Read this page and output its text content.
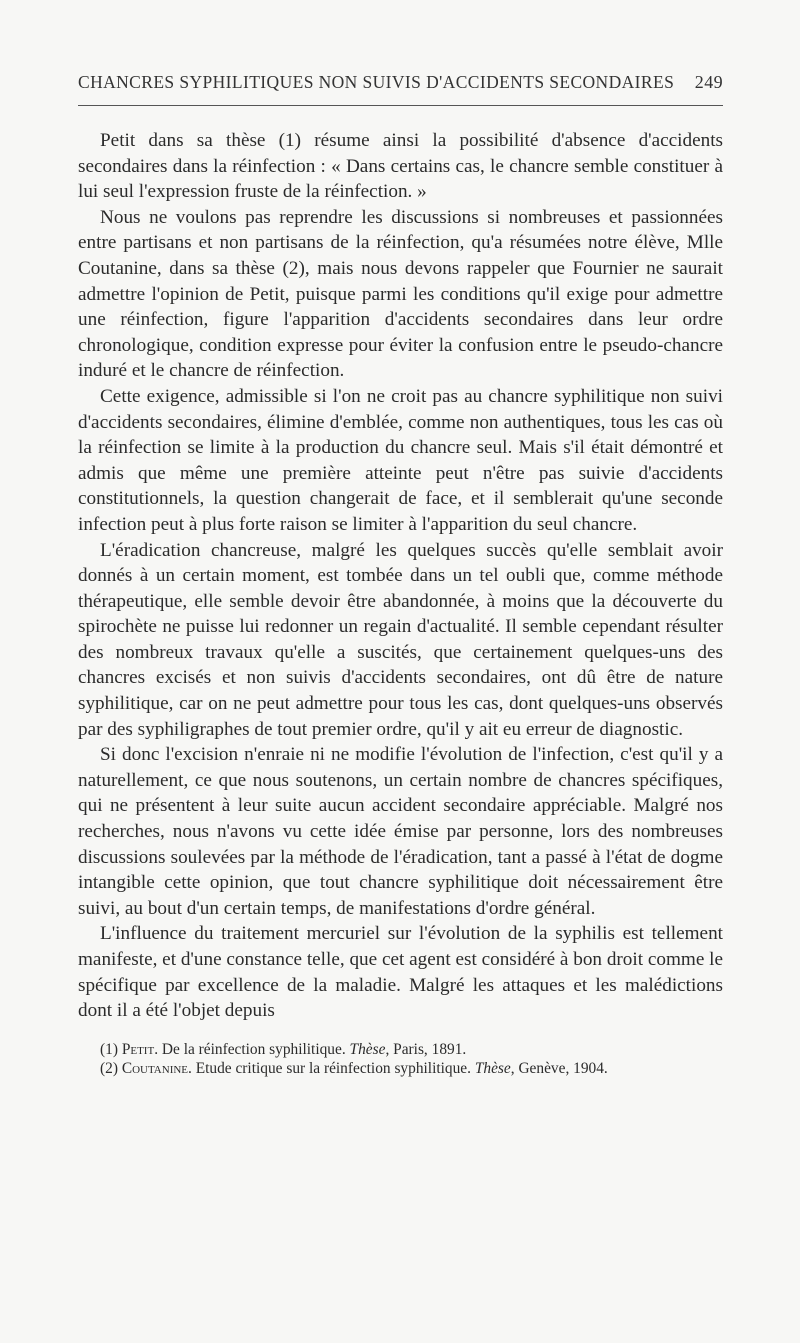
CHANCRES SYPHILITIQUES NON SUIVIS D'ACCIDENTS SECONDAIRES 249

Petit dans sa thèse (1) résume ainsi la possibilité d'absence d'accidents secondaires dans la réinfection : « Dans certains cas, le chancre semble constituer à lui seul l'expression fruste de la réinfection. »

Nous ne voulons pas reprendre les discussions si nombreuses et passionnées entre partisans et non partisans de la réinfection, qu'a résumées notre élève, Mlle Coutanine, dans sa thèse (2), mais nous devons rappeler que Fournier ne saurait admettre l'opinion de Petit, puisque parmi les conditions qu'il exige pour admettre une réinfection, figure l'apparition d'accidents secondaires dans leur ordre chronologique, condition expresse pour éviter la confusion entre le pseudo-chancre induré et le chancre de réinfection.

Cette exigence, admissible si l'on ne croit pas au chancre syphilitique non suivi d'accidents secondaires, élimine d'emblée, comme non authentiques, tous les cas où la réinfection se limite à la production du chancre seul. Mais s'il était démontré et admis que même une première atteinte peut n'être pas suivie d'accidents constitutionnels, la question changerait de face, et il semblerait qu'une seconde infection peut à plus forte raison se limiter à l'apparition du seul chancre.

L'éradication chancreuse, malgré les quelques succès qu'elle semblait avoir donnés à un certain moment, est tombée dans un tel oubli que, comme méthode thérapeutique, elle semble devoir être abandonnée, à moins que la découverte du spirochète ne puisse lui redonner un regain d'actualité. Il semble cependant résulter des nombreux travaux qu'elle a suscités, que certainement quelques-uns des chancres excisés et non suivis d'accidents secondaires, ont dû être de nature syphilitique, car on ne peut admettre pour tous les cas, dont quelques-uns observés par des syphiligraphes de tout premier ordre, qu'il y ait eu erreur de diagnostic.

Si donc l'excision n'enraie ni ne modifie l'évolution de l'infection, c'est qu'il y a naturellement, ce que nous soutenons, un certain nombre de chancres spécifiques, qui ne présentent à leur suite aucun accident secondaire appréciable. Malgré nos recherches, nous n'avons vu cette idée émise par personne, lors des nombreuses discussions soulevées par la méthode de l'éradication, tant a passé à l'état de dogme intangible cette opinion, que tout chancre syphilitique doit nécessairement être suivi, au bout d'un certain temps, de manifestations d'ordre général.

L'influence du traitement mercuriel sur l'évolution de la syphilis est tellement manifeste, et d'une constance telle, que cet agent est considéré à bon droit comme le spécifique par excellence de la maladie. Malgré les attaques et les malédictions dont il a été l'objet depuis

(1) Petit. De la réinfection syphilitique. Thèse, Paris, 1891.

(2) Coutanine. Etude critique sur la réinfection syphilitique. Thèse, Genève, 1904.
